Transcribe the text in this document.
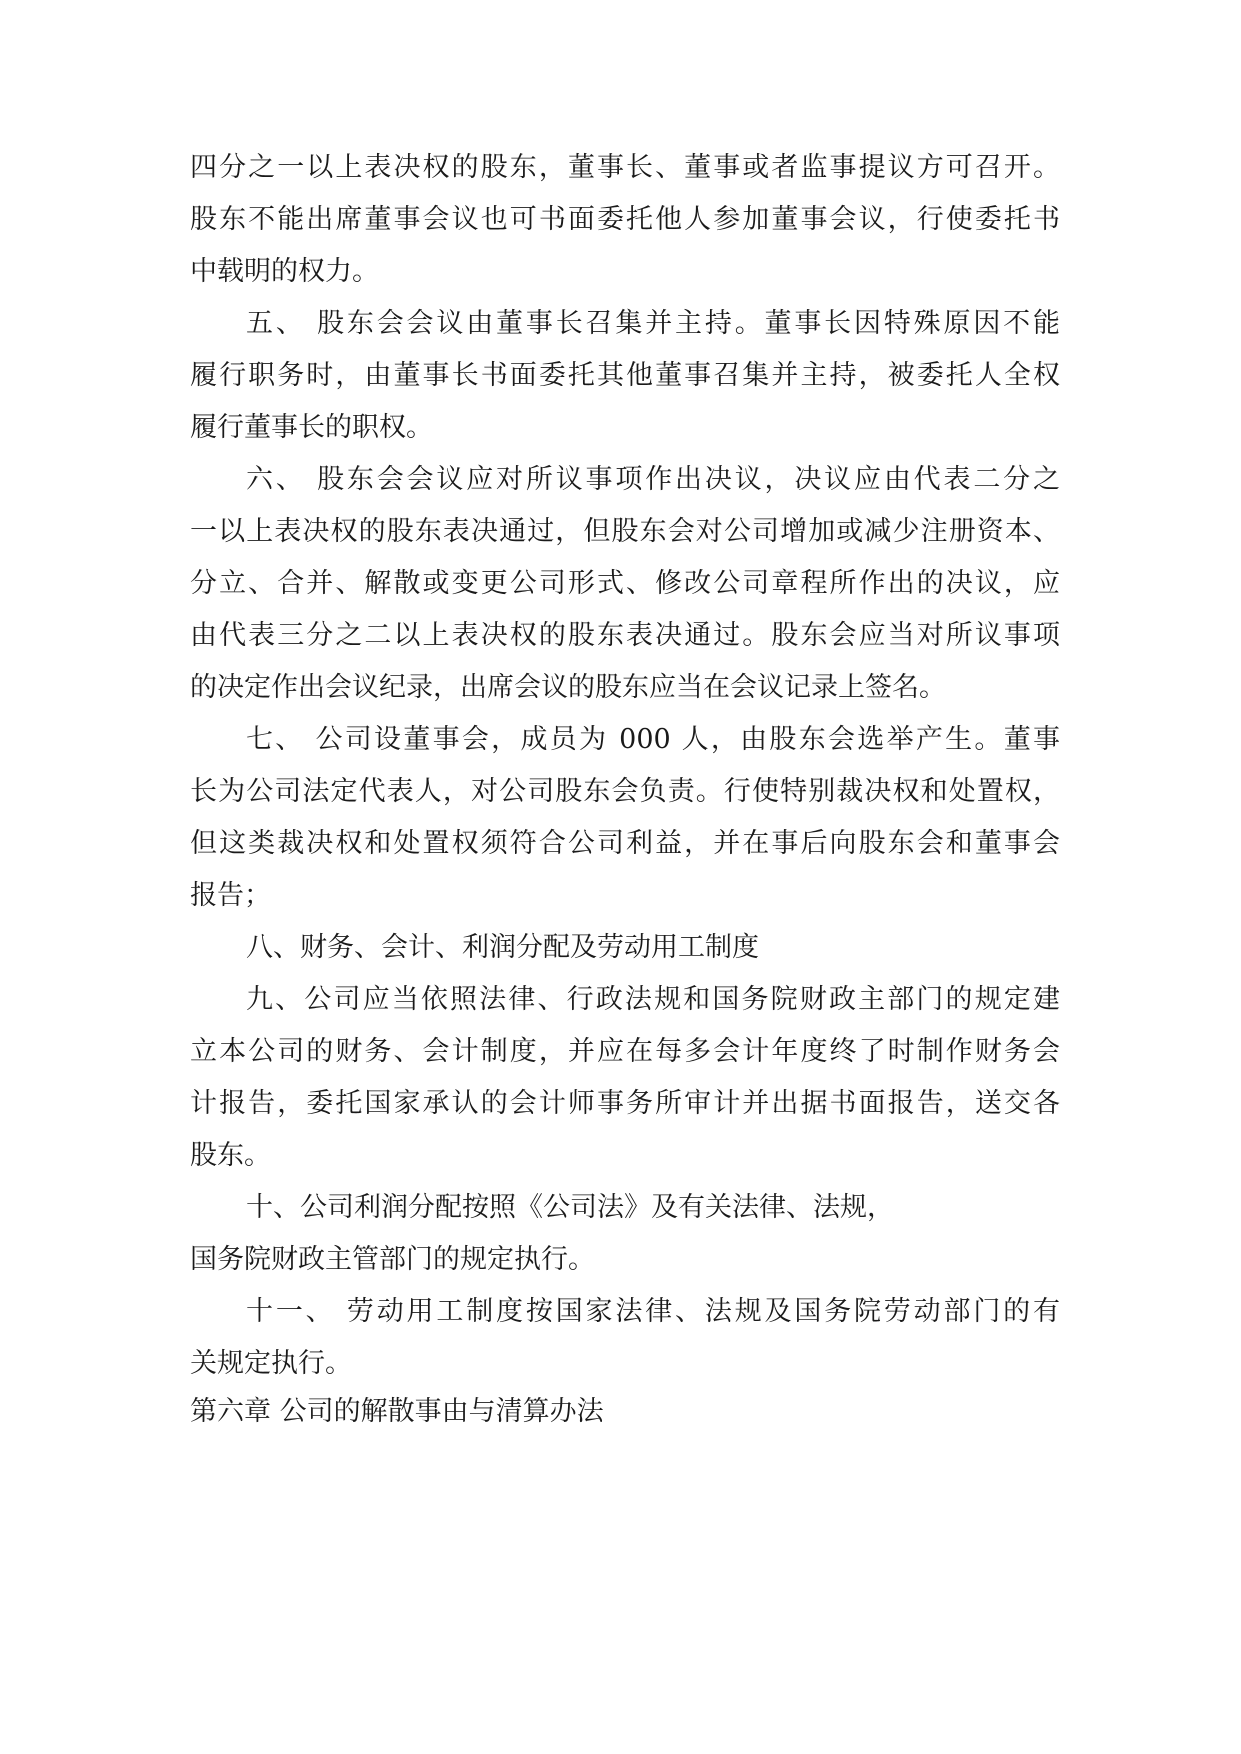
四分之一以上表决权的股东，董事长、董事或者监事提议方可召开。
股东不能出席董事会议也可书面委托他人参加董事会议，行使委托书
中载明的权力。
五、 股东会会议由董事长召集并主持。董事长因特殊原因不能
履行职务时，由董事长书面委托其他董事召集并主持，被委托人全权
履行董事长的职权。
六、 股东会会议应对所议事项作出决议，决议应由代表二分之
一以上表决权的股东表决通过，但股东会对公司增加或减少注册资本、
分立、合并、解散或变更公司形式、修改公司章程所作出的决议，应
由代表三分之二以上表决权的股东表决通过。股东会应当对所议事项
的决定作出会议纪录，出席会议的股东应当在会议记录上签名。
七、 公司设董事会，成员为 000 人，由股东会选举产生。董事
长为公司法定代表人，对公司股东会负责。行使特别裁决权和处置权，
但这类裁决权和处置权须符合公司利益，并在事后向股东会和董事会
报告；
八、财务、会计、利润分配及劳动用工制度
九、公司应当依照法律、行政法规和国务院财政主部门的规定建
立本公司的财务、会计制度，并应在每多会计年度终了时制作财务会
计报告，委托国家承认的会计师事务所审计并出据书面报告，送交各
股东。
十、公司利润分配按照《公司法》及有关法律、法规，
国务院财政主管部门的规定执行。
十一、 劳动用工制度按国家法律、法规及国务院劳动部门的有
关规定执行。
第六章 公司的解散事由与清算办法
